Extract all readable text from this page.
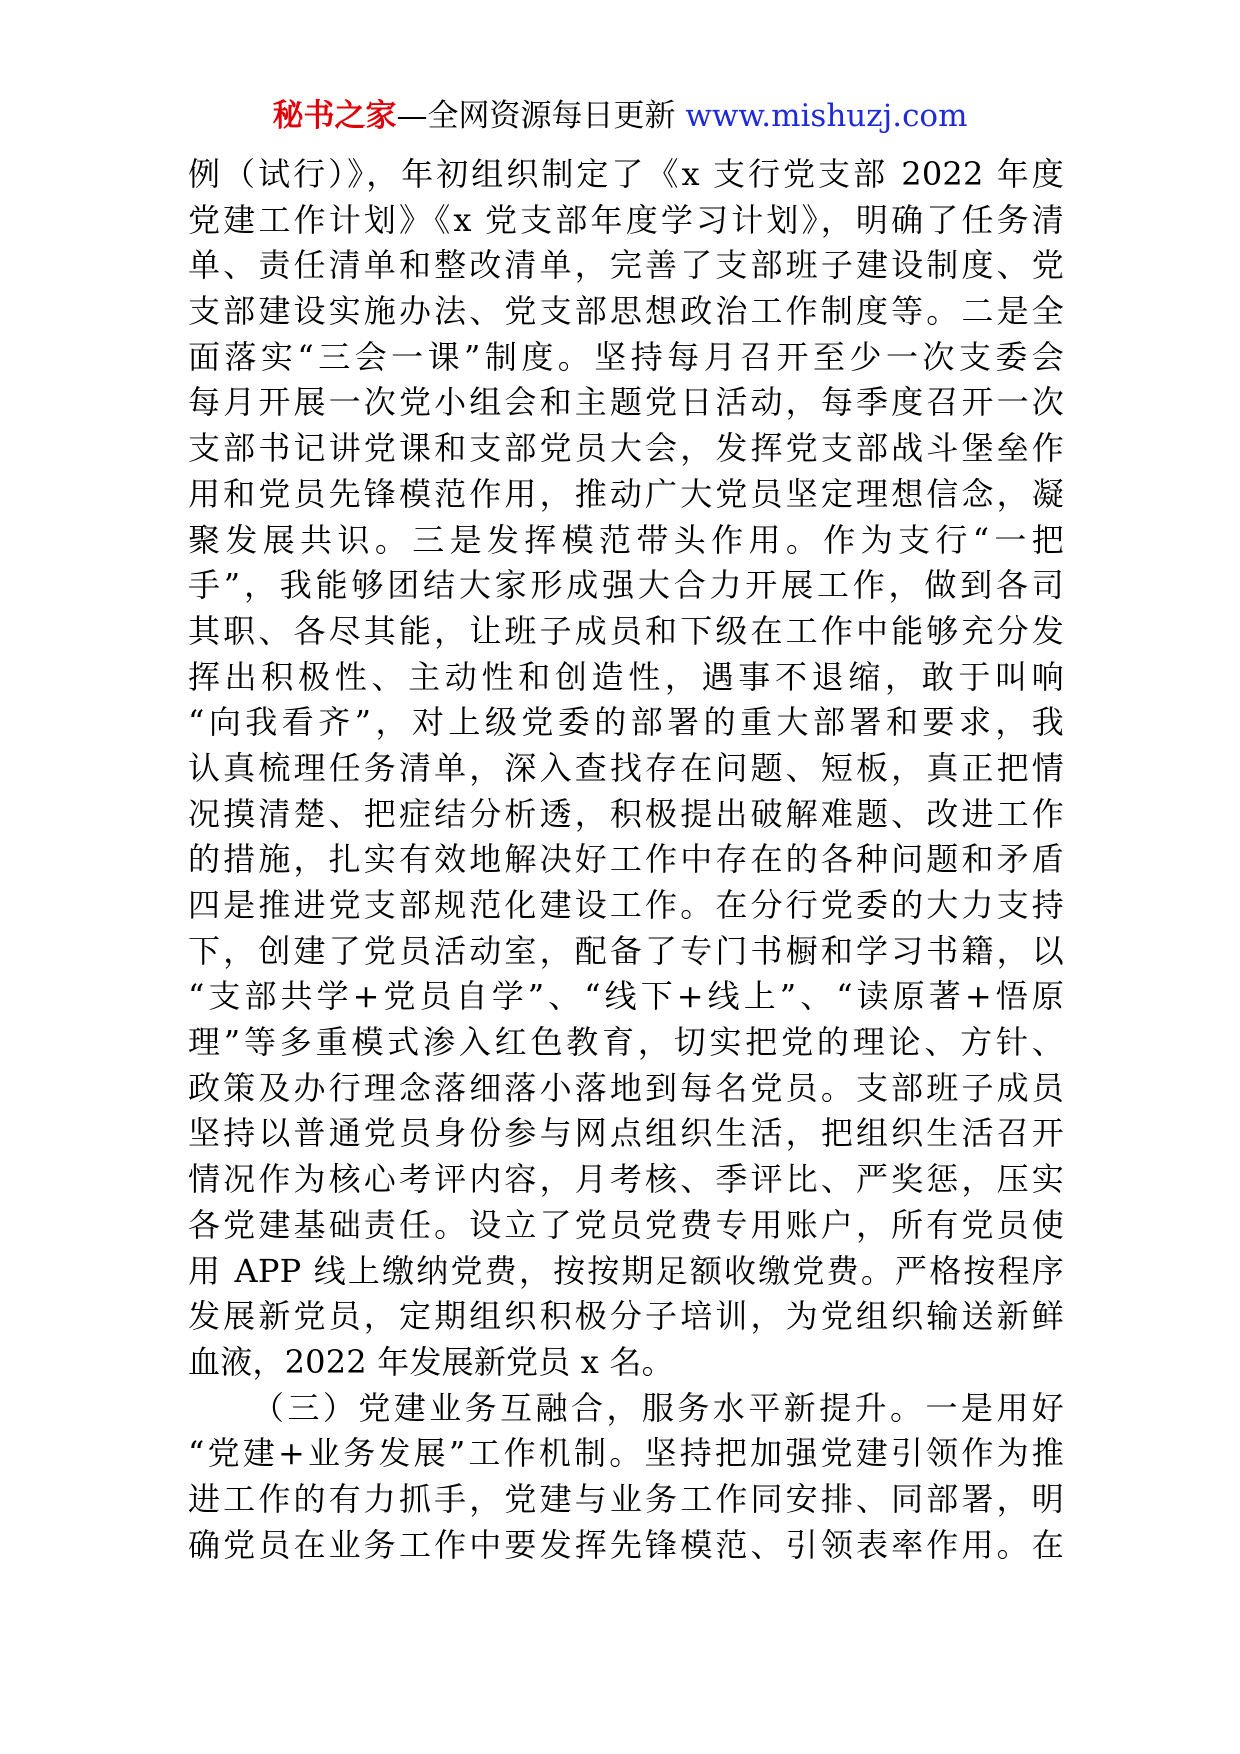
秘书之家—全网资源每日更新 www.mishuzj.com
例（试行）》，年初组织制定了《x 支行党支部 2022 年度
党建工作计划》《x 党支部年度学习计划》，明确了任务清
单、责任清单和整改清单，完善了支部班子建设制度、党
支部建设实施办法、党支部思想政治工作制度等。二是全
面落实“三会一课”制度。坚持每月召开至少一次支委会
每月开展一次党小组会和主题党日活动，每季度召开一次
支部书记讲党课和支部党员大会，发挥党支部战斗堡垒作
用和党员先锋模范作用，推动广大党员坚定理想信念，凝
聚发展共识。三是发挥模范带头作用。作为支行“一把
手”，我能够团结大家形成强大合力开展工作，做到各司
其职、各尽其能，让班子成员和下级在工作中能够充分发
挥出积极性、主动性和创造性，遇事不退缩，敢于叫响
“向我看齐”，对上级党委的部署的重大部署和要求，我
认真梳理任务清单，深入查找存在问题、短板，真正把情
况摸清楚、把症结分析透，积极提出破解难题、改进工作
的措施，扎实有效地解决好工作中存在的各种问题和矛盾
四是推进党支部规范化建设工作。在分行党委的大力支持
下，创建了党员活动室，配备了专门书橱和学习书籍，以
“支部共学+党员自学”、“线下+线上”、“读原著+悟原
理”等多重模式渗入红色教育，切实把党的理论、方针、
政策及办行理念落细落小落地到每名党员。支部班子成员
坚持以普通党员身份参与网点组织生活，把组织生活召开
情况作为核心考评内容，月考核、季评比、严奖惩，压实
各党建基础责任。设立了党员党费专用账户，所有党员使
用 APP 线上缴纳党费，按按期足额收缴党费。严格按程序
发展新党员，定期组织积极分子培训，为党组织输送新鲜
血液，2022 年发展新党员 x 名。
（三）党建业务互融合，服务水平新提升。一是用好
“党建+业务发展”工作机制。坚持把加强党建引领作为推
进工作的有力抓手，党建与业务工作同安排、同部署，明
确党员在业务工作中要发挥先锋模范、引领表率作用。在
